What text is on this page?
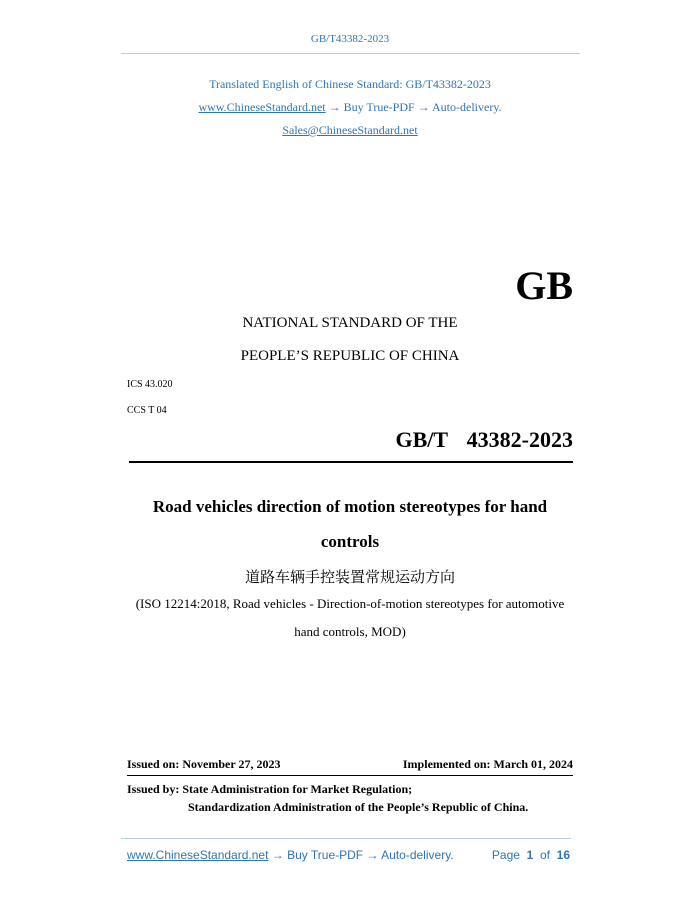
GB/T43382-2023
Translated English of Chinese Standard: GB/T43382-2023
www.ChineseStandard.net → Buy True-PDF → Auto-delivery.
Sales@ChineseStandard.net
GB
NATIONAL STANDARD OF THE
PEOPLE’S REPUBLIC OF CHINA
ICS 43.020
CCS T 04
GB/T  43382-2023
Road vehicles direction of motion stereotypes for hand
controls
道路车辆手控装置常规运动方向
(ISO 12214:2018, Road vehicles - Direction-of-motion stereotypes for automotive
hand controls, MOD)
Issued on: November 27, 2023	Implemented on: March 01, 2024
Issued by: State Administration for Market Regulation;
Standardization Administration of the People’s Republic of China.
www.ChineseStandard.net → Buy True-PDF → Auto-delivery.	Page 1 of 16
